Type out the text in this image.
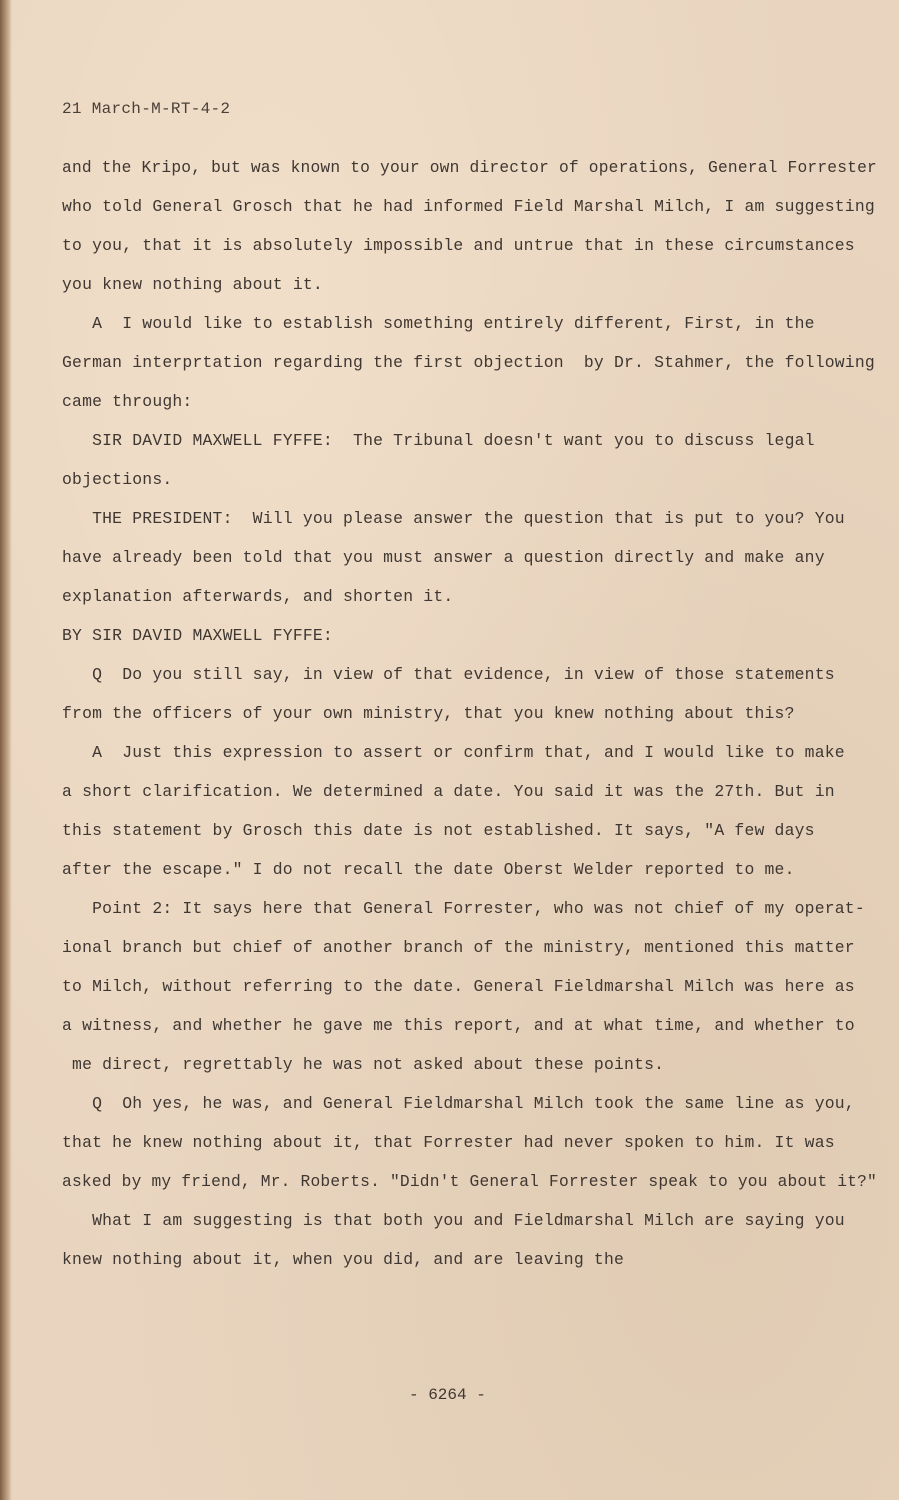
21 March-M-RT-4-2
and the Kripo, but was known to your own director of operations, General Forrester
who told General Grosch that he had informed Field Marshal Milch, I am suggesting
to you, that it is absolutely impossible and untrue that in these circumstances
you knew nothing about it.
A  I would like to establish something entirely different, First, in the
German interprtation regarding the first objection  by Dr. Stahmer, the following
came through:
SIR DAVID MAXWELL FYFFE:  The Tribunal doesn't want you to discuss legal
objections.
THE PRESIDENT:  Will you please answer the question that is put to you? You
have already been told that you must answer a question directly and make any
explanation afterwards, and shorten it.
BY SIR DAVID MAXWELL FYFFE:
Q  Do you still say, in view of that evidence, in view of those statements
from the officers of your own ministry, that you knew nothing about this?
A  Just this expression to assert or confirm that, and I would like to make
a short clarification. We determined a date. You said it was the 27th. But in
this statement by Grosch this date is not established. It says, "A few days
after the escape." I do not recall the date Oberst Welder reported to me.
Point 2: It says here that General Forrester, who was not chief of my operat-
ional branch but chief of another branch of the ministry, mentioned this matter
to Milch, without referring to the date. General Fieldmarshal Milch was here as
a witness, and whether he gave me this report, and at what time, and whether to
me direct, regrettably he was not asked about these points.
Q  Oh yes, he was, and General Fieldmarshal Milch took the same line as you,
that he knew nothing about it, that Forrester had never spoken to him. It was
asked by my friend, Mr. Roberts. "Didn't General Forrester speak to you about it?"
What I am suggesting is that both you and Fieldmarshal Milch are saying you
knew nothing about it, when you did, and are leaving the
- 6264 -
